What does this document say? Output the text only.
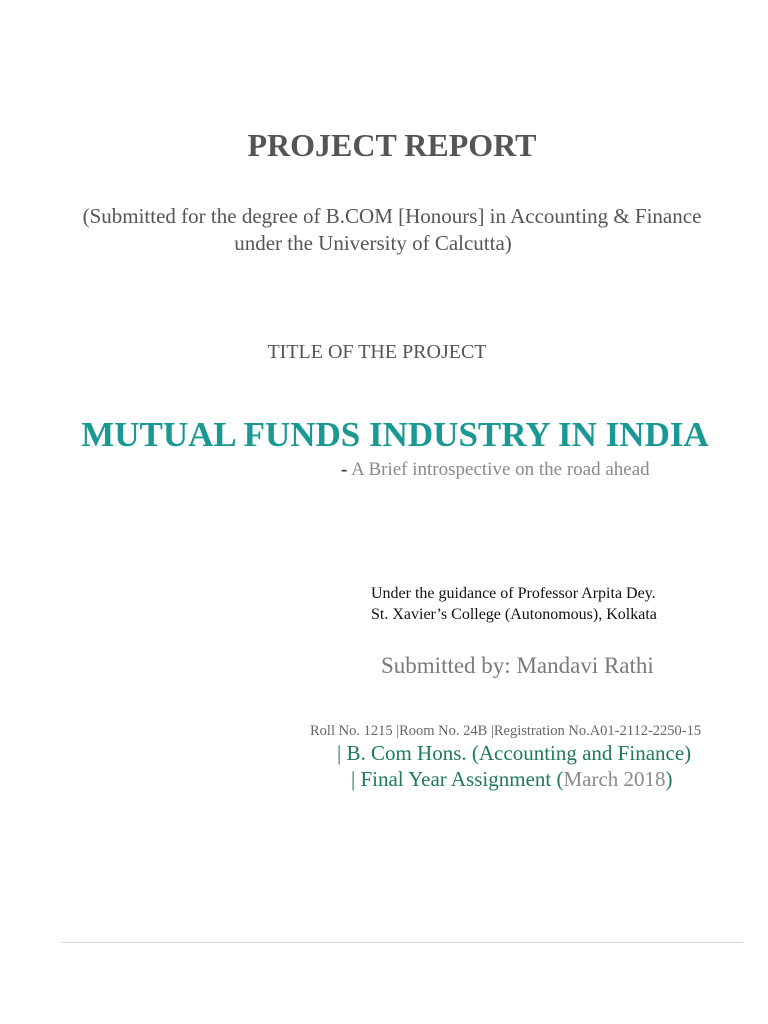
PROJECT REPORT
(Submitted for the degree of B.COM [Honours] in Accounting & Finance
under the University of Calcutta)
TITLE OF THE PROJECT
MUTUAL FUNDS INDUSTRY IN INDIA
- A Brief introspective on the road ahead
Under the guidance of Professor Arpita Dey.
St. Xavier’s College (Autonomous), Kolkata
Submitted by: Mandavi Rathi
Roll No. 1215 |Room No. 24B |Registration No.A01-2112-2250-15
| B. Com Hons. (Accounting and Finance)
| Final Year Assignment (March 2018)
